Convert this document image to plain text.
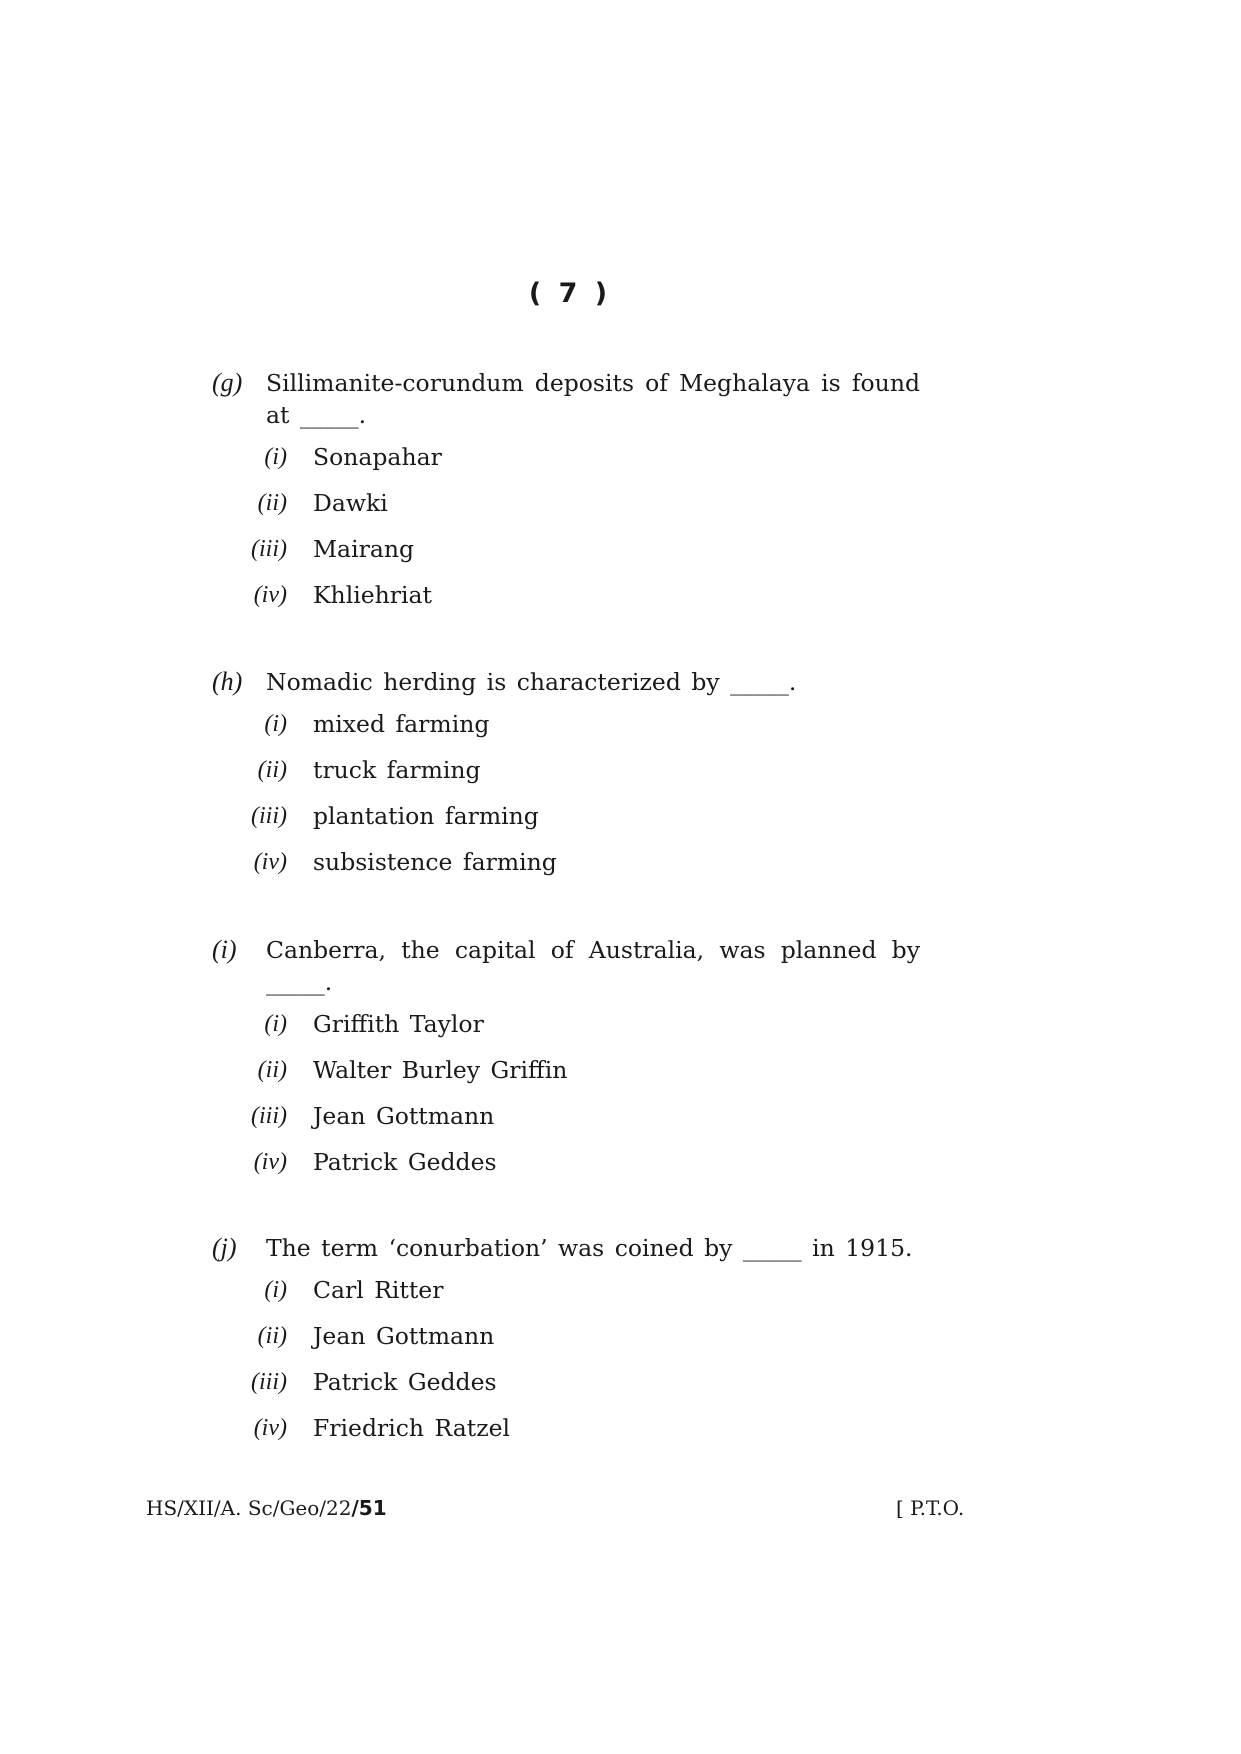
( 7 )
(g) Sillimanite-corundum deposits of Meghalaya is found at _____.
(i) Sonapahar
(ii) Dawki
(iii) Mairang
(iv) Khliehriat
(h) Nomadic herding is characterized by _____.
(i) mixed farming
(ii) truck farming
(iii) plantation farming
(iv) subsistence farming
(i) Canberra, the capital of Australia, was planned by _____.
(i) Griffith Taylor
(ii) Walter Burley Griffin
(iii) Jean Gottmann
(iv) Patrick Geddes
(j) The term ‘conurbation’ was coined by _____ in 1915.
(i) Carl Ritter
(ii) Jean Gottmann
(iii) Patrick Geddes
(iv) Friedrich Ratzel
HS/XII/A. Sc/Geo/22/51	[ P.T.O.
